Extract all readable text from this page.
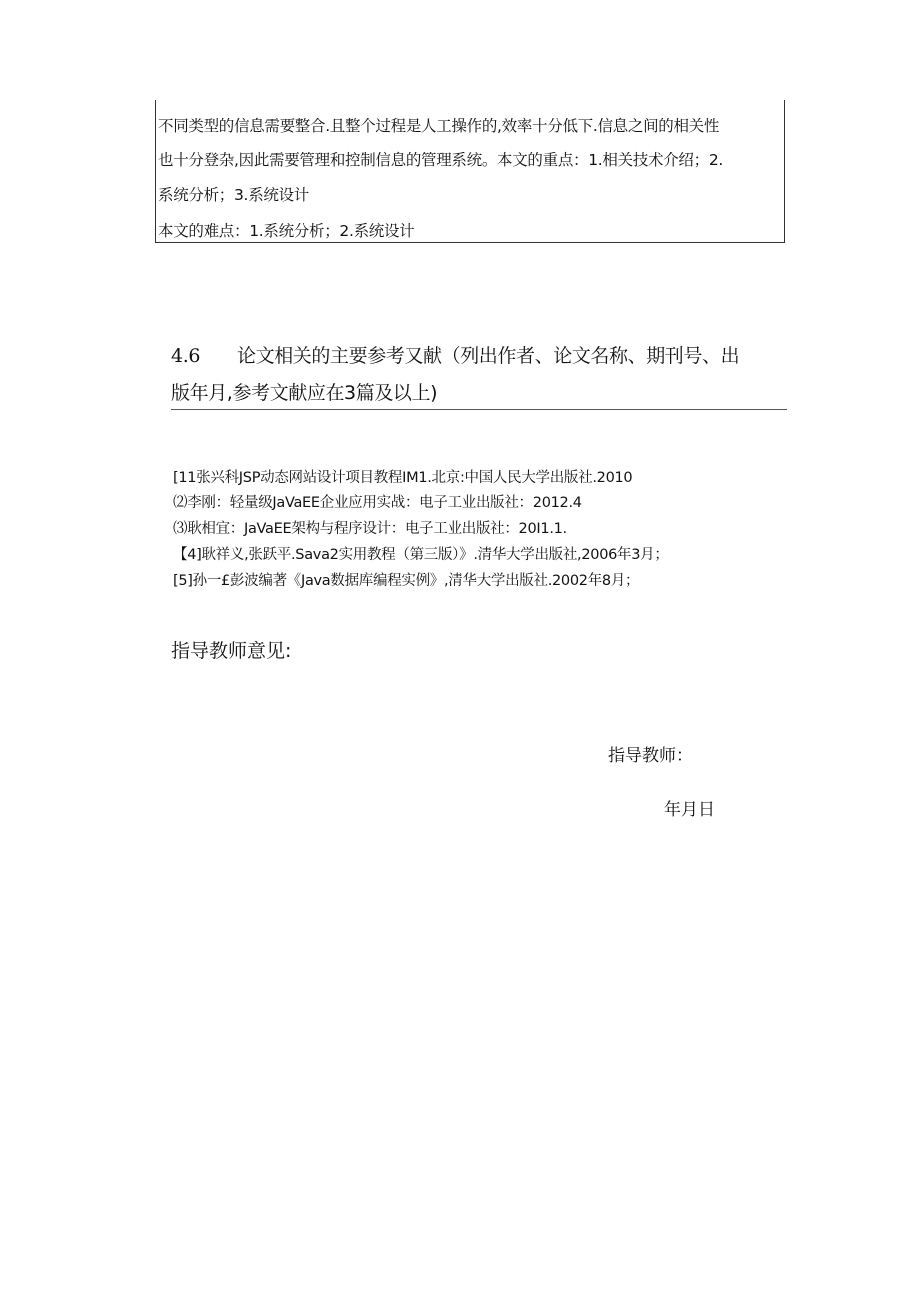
不同类型的信息需要整合.且整个过程是人工操作的,效率十分低下.信息之间的相关性
也十分登杂,因此需要管理和控制信息的管理系统。本文的重点：1.相关技术介绍；2.
系统分析；3.系统设计
本文的难点：1.系统分析；2.系统设计
4.6 论文相关的主要参考又献（列出作者、论文名称、期刊号、出
版年月,参考文献应在3篇及以上)
[11张兴科JSP动态网站设计项目教程IM1.北京:中国人民大学出版社.2010
⑵李刚：轻量级JaVaEE企业应用实战：电子工业出版社：2012.4
⑶耿相宜：JaVaEE架构与程序设计：电子工业出版社：20I1.1.
【4]耿祥义,张跃平.Sava2实用教程（第三版）》.清华大学出版社,2006年3月；
[5]孙一£彭波编著《Java数据库编程实例》,清华大学出版社.2002年8月；
指导教师意见:
指导教师：
年月日
